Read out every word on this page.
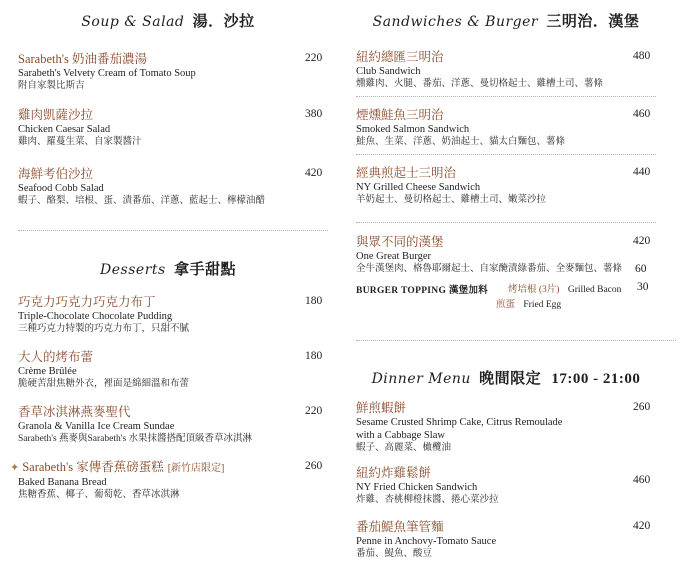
Soup & Salad 湯．沙拉
Sarabeth's 奶油番茄濃湯
Sarabeth's Velvety Cream of Tomato Soup
附自家製比斯吉
220
雞肉凱薩沙拉
Chicken Caesar Salad
雞肉、羅蔓生菜、自家製醬汁
380
海鮮考伯沙拉
Seafood Cobb Salad
蝦子、酪梨、培根、蛋、漬番茄、洋蔥、藍起士、檸檬油醋
420
Desserts 拿手甜點
巧克力巧克力巧克力布丁
Triple-Chocolate Chocolate Pudding
三種巧克力特製的巧克力布丁，只甜不膩
180
大人的烤布蕾
Crème Brûlée
脆硬苦甜焦糖外衣，裡面是綿細溫和布蕾
180
香草冰淇淋燕麥聖代
Granola & Vanilla Ice Cream Sundae
Sarabeth's 燕麥與Sarabeth's 水果抹醬搭配頂級香草冰淇淋
220
✦ Sarabeth's 家傳香蕉磅蛋糕 [新竹店限定]
Baked Banana Bread
焦糖香蕉、椰子、葡萄乾、香草冰淇淋
260
Sandwiches & Burger 三明治．漢堡
紐約總匯三明治
Club Sandwich
燻雞肉、火腿、番茄、洋蔥、曼切格起士、雞槽土司、薯條
480
煙燻鮭魚三明治
Smoked Salmon Sandwich
鮭魚、生菜、洋蔥、奶油起士、貓太白麵包、薯條
460
經典煎起士三明治
NY Grilled Cheese Sandwich
羊奶起士、曼切格起士、雞槽土司、嫩菜沙拉
440
與眾不同的漢堡
One Great Burger
全牛漢堡肉、格魯耶爾起士、自家醃漬綠番茄、全麥麵包、薯條
420
60
BURGER TOPPING 漢堡加料 烤培根 (3片) Grilled Bacon 30
煎蛋 Fried Egg
Dinner Menu 晚間限定 17:00 - 21:00
鮮煎蝦餅
Sesame Crusted Shrimp Cake, Citrus Remoulade
with a Cabbage Slaw
蝦子、高麗菜、橄欖油
260
紐約炸雞鬆餅
NY Fried Chicken Sandwich
炸雞、杏桃柳橙抹醬、捲心菜沙拉
460
番茄鯷魚筆管麵
Penne in Anchovy-Tomato Sauce
番茄、鯷魚、酸豆
420
